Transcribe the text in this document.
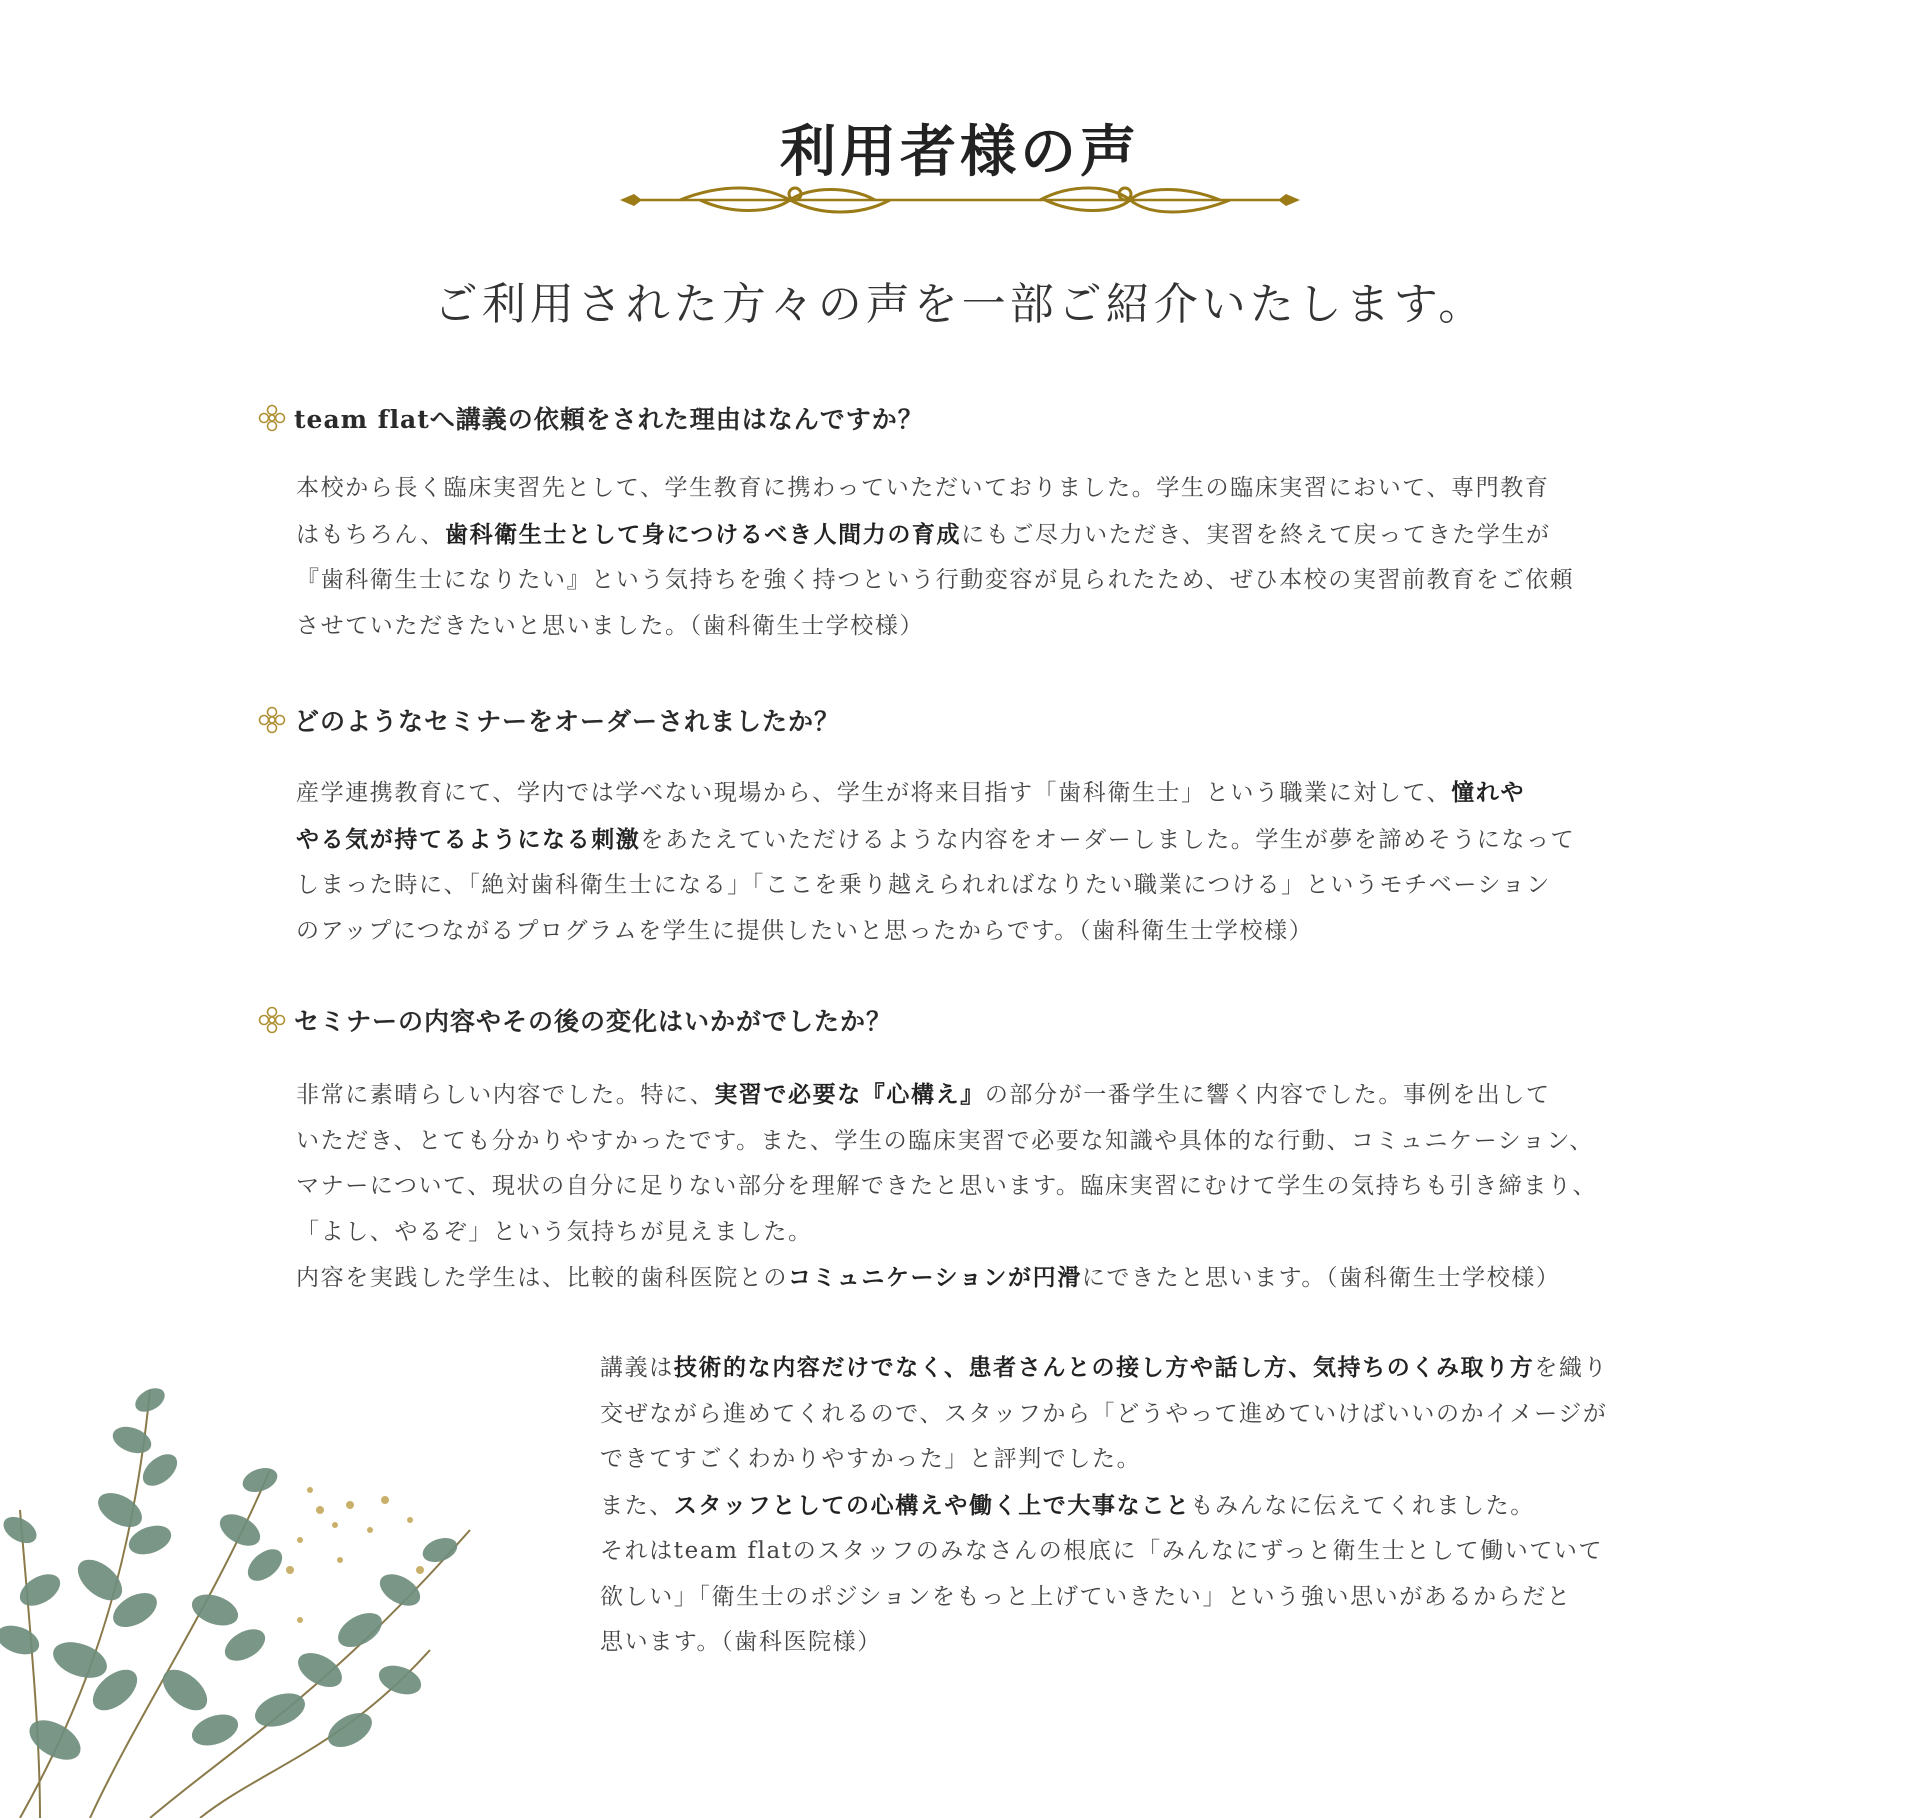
利用者様の声

ご利用された方々の声を一部ご紹介いたします。

team flatへ講義の依頼をされた理由はなんですか？
本校から長く臨床実習先として、学生教育に携わっていただいておりました。学生の臨床実習において、専門教育
はもちろん、歯科衛生士として身につけるべき人間力の育成にもご尽力いただき、実習を終えて戻ってきた学生が
『歯科衛生士になりたい』という気持ちを強く持つという行動変容が見られたため、ぜひ本校の実習前教育をご依頼
させていただきたいと思いました。（歯科衛生士学校様）
どのようなセミナーをオーダーされましたか？
産学連携教育にて、学内では学べない現場から、学生が将来目指す「歯科衛生士」という職業に対して、憧れや
やる気が持てるようになる刺激をあたえていただけるような内容をオーダーしました。学生が夢を諦めそうになって
しまった時に、「絶対歯科衛生士になる」「ここを乗り越えられればなりたい職業につける」というモチベーション
のアップにつながるプログラムを学生に提供したいと思ったからです。（歯科衛生士学校様）
セミナーの内容やその後の変化はいかがでしたか？
非常に素晴らしい内容でした。特に、実習で必要な『心構え』の部分が一番学生に響く内容でした。事例を出して
いただき、とても分かりやすかったです。また、学生の臨床実習で必要な知識や具体的な行動、コミュニケーション、
マナーについて、現状の自分に足りない部分を理解できたと思います。臨床実習にむけて学生の気持ちも引き締まり、
「よし、やるぞ」という気持ちが見えました。
内容を実践した学生は、比較的歯科医院とのコミュニケーションが円滑にできたと思います。（歯科衛生士学校様）
講義は技術的な内容だけでなく、患者さんとの接し方や話し方、気持ちのくみ取り方を織り
交ぜながら進めてくれるので、スタッフから「どうやって進めていけばいいのかイメージが
できてすごくわかりやすかった」と評判でした。
また、スタッフとしての心構えや働く上で大事なこともみんなに伝えてくれました。
それはteam flatのスタッフのみなさんの根底に「みんなにずっと衛生士として働いていて
欲しい」「衛生士のポジションをもっと上げていきたい」という強い思いがあるからだと
思います。（歯科医院様）
